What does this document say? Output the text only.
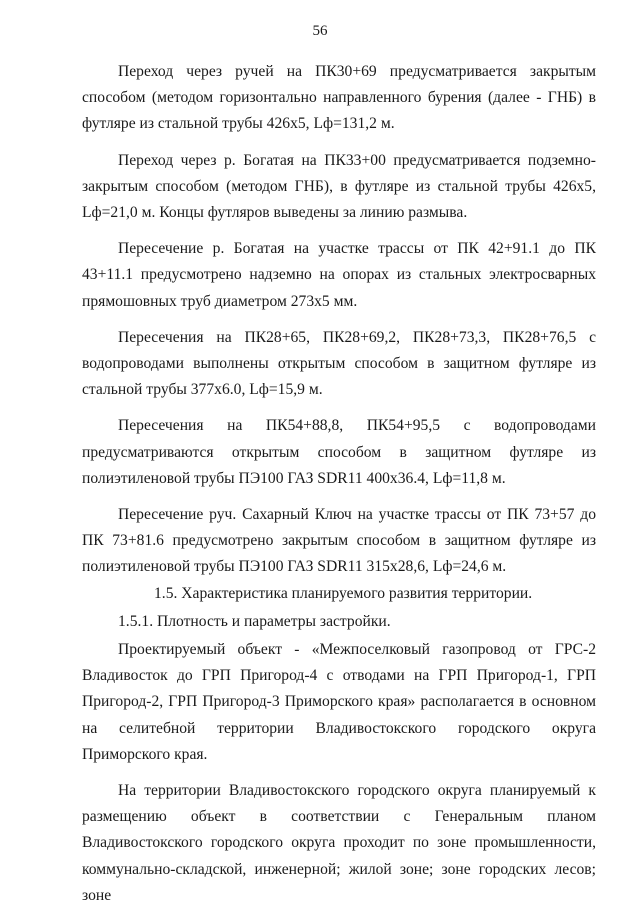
56

Переход через ручей на ПК30+69 предусматривается закрытым способом (методом горизонтально направленного бурения (далее - ГНБ) в футляре из стальной трубы 426х5, Lф=131,2 м.

Переход через р. Богатая на ПК33+00 предусматривается подземно-закрытым способом (методом ГНБ), в футляре из стальной трубы 426х5, Lф=21,0 м. Концы футляров выведены за линию размыва.

Пересечение р. Богатая на участке трассы от ПК 42+91.1 до ПК 43+11.1 предусмотрено надземно на опорах из стальных электросварных прямошовных труб диаметром 273х5 мм.

Пересечения на ПК28+65, ПК28+69,2, ПК28+73,3, ПК28+76,5 с водопроводами выполнены открытым способом в защитном футляре из стальной трубы 377х6.0, Lф=15,9 м.

Пересечения на ПК54+88,8, ПК54+95,5 с водопроводами предусматриваются открытым способом в защитном футляре из полиэтиленовой трубы ПЭ100 ГАЗ SDR11 400х36.4, Lф=11,8 м.

Пересечение руч. Сахарный Ключ на участке трассы от ПК 73+57 до ПК 73+81.6 предусмотрено закрытым способом в защитном футляре из полиэтиленовой трубы ПЭ100 ГАЗ SDR11 315х28,6, Lф=24,6 м.

1.5. Характеристика планируемого развития территории.

1.5.1. Плотность и параметры застройки.

Проектируемый объект - «Межпоселковый газопровод от ГРС-2 Владивосток до ГРП Пригород-4 с отводами на ГРП Пригород-1, ГРП Пригород-2, ГРП Пригород-3 Приморского края» располагается в основном на селитебной территории Владивостокского городского округа Приморского края.

На территории Владивостокского городского округа планируемый к размещению объект в соответствии с Генеральным планом Владивостокского городского округа проходит по зоне промышленности, коммунально-складской, инженерной; жилой зоне; зоне городских лесов; зоне
